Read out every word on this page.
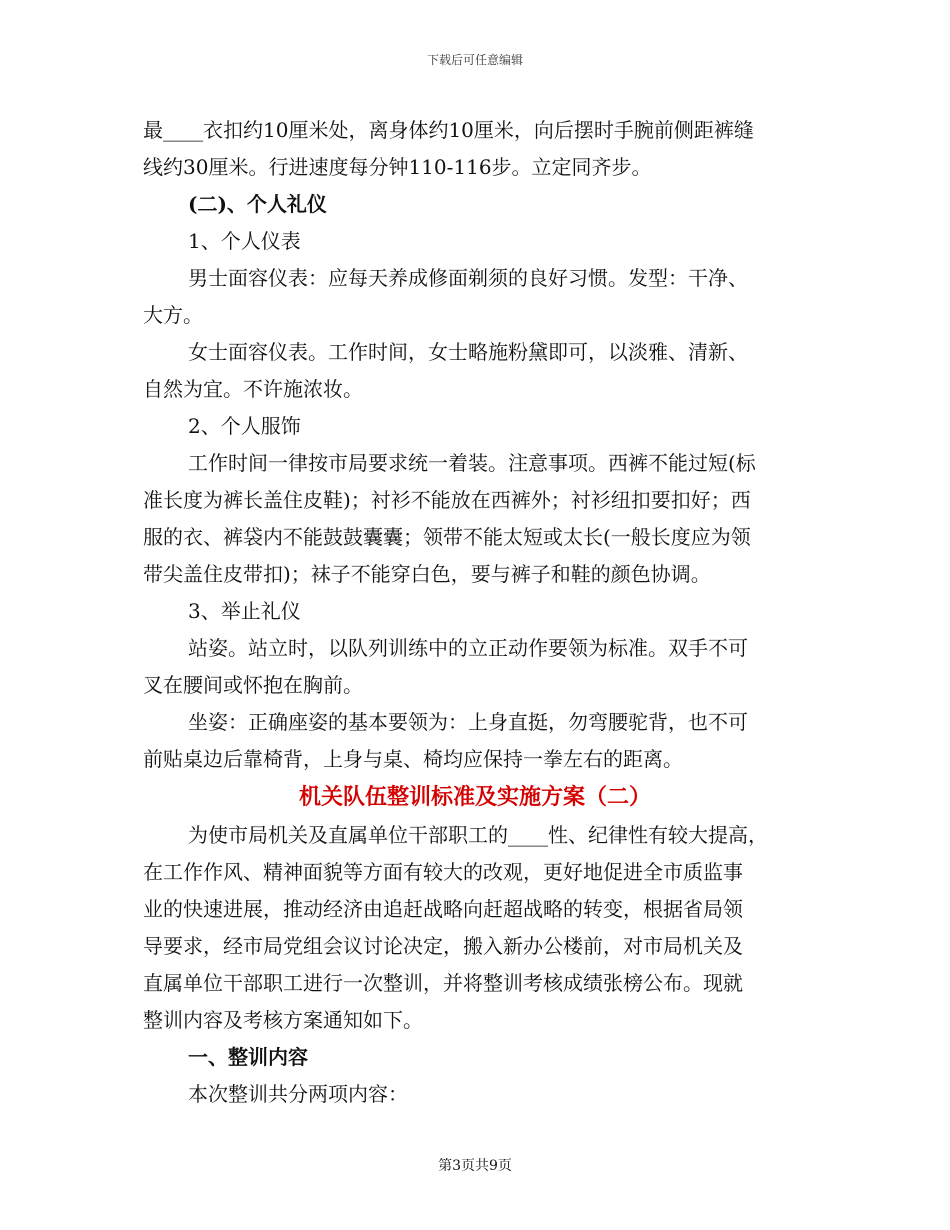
下载后可任意编辑
最____衣扣约10厘米处，离身体约10厘米，向后摆时手腕前侧距裤缝
线约30厘米。行进速度每分钟110-116步。立定同齐步。
(二)、个人礼仪
1、个人仪表
男士面容仪表：应每天养成修面剃须的良好习惯。发型：干净、
大方。
女士面容仪表。工作时间，女士略施粉黛即可，以淡雅、清新、
自然为宜。不许施浓妆。
2、个人服饰
工作时间一律按市局要求统一着装。注意事项。西裤不能过短(标
准长度为裤长盖住皮鞋)；衬衫不能放在西裤外；衬衫纽扣要扣好；西
服的衣、裤袋内不能鼓鼓囊囊；领带不能太短或太长(一般长度应为领
带尖盖住皮带扣)；袜子不能穿白色，要与裤子和鞋的颜色协调。
3、举止礼仪
站姿。站立时，以队列训练中的立正动作要领为标准。双手不可
叉在腰间或怀抱在胸前。
坐姿：正确座姿的基本要领为：上身直挺，勿弯腰驼背，也不可
前贴桌边后靠椅背，上身与桌、椅均应保持一拳左右的距离。
机关队伍整训标准及实施方案（二）
为使市局机关及直属单位干部职工的____性、纪律性有较大提高，
在工作作风、精神面貌等方面有较大的改观，更好地促进全市质监事
业的快速进展，推动经济由追赶战略向赶超战略的转变，根据省局领
导要求，经市局党组会议讨论决定，搬入新办公楼前，对市局机关及
直属单位干部职工进行一次整训，并将整训考核成绩张榜公布。现就
整训内容及考核方案通知如下。
一、整训内容
本次整训共分两项内容：
第3页共9页
